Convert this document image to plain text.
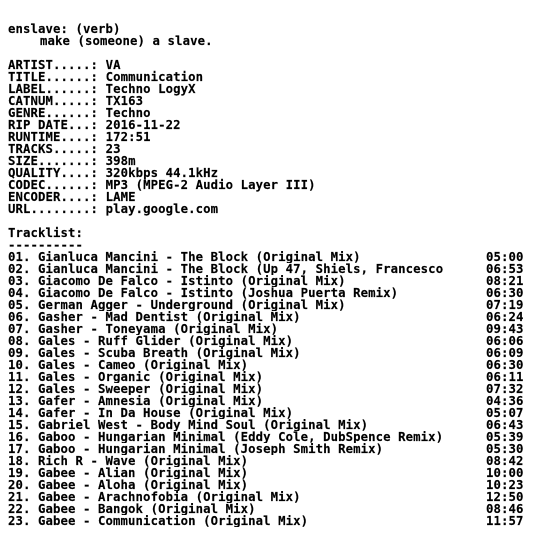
enslave: (verb)
make (someone) a slave.
ARTIST.....: VA
TITLE......: Communication
LABEL......: Techno LogyX
CATNUM.....: TX163
GENRE......: Techno
RIP DATE...: 2016-11-22
RUNTIME....: 172:51
TRACKS.....: 23
SIZE.......: 398m
QUALITY....: 320kbps 44.1kHz
CODEC......: MP3 (MPEG-2 Audio Layer III)
ENCODER....: LAME
URL........: play.google.com
Tracklist:
----------
01. Gianluca Mancini - The Block (Original Mix)	05:00
02. Gianluca Mancini - The Block (Up 47, Shiels, Francesco	06:53
03. Giacomo De Falco - Istinto (Original Mix)	08:21
04. Giacomo De Falco - Istinto (Joshua Puerta Remix)	06:30
05. German Agger - Underground (Original Mix)	07:19
06. Gasher - Mad Dentist (Original Mix)	06:24
07. Gasher - Toneyama (Original Mix)	09:43
08. Gales - Ruff Glider (Original Mix)	06:06
09. Gales - Scuba Breath (Original Mix)	06:09
10. Gales - Cameo (Original Mix)	06:30
11. Gales - Organic (Original Mix)	06:11
12. Gales - Sweeper (Original Mix)	07:32
13. Gafer - Amnesia (Original Mix)	04:36
14. Gafer - In Da House (Original Mix)	05:07
15. Gabriel West - Body Mind Soul (Original Mix)	06:43
16. Gaboo - Hungarian Minimal (Eddy Cole, DubSpence Remix)	05:39
17. Gaboo - Hungarian Minimal (Joseph Smith Remix)	05:30
18. Rich R - Wave (Original Mix)	08:42
19. Gabee - Alian (Original Mix)	10:00
20. Gabee - Aloha (Original Mix)	10:23
21. Gabee - Arachnofobia (Original Mix)	12:50
22. Gabee - Bangok (Original Mix)	08:46
23. Gabee - Communication (Original Mix)	11:57
